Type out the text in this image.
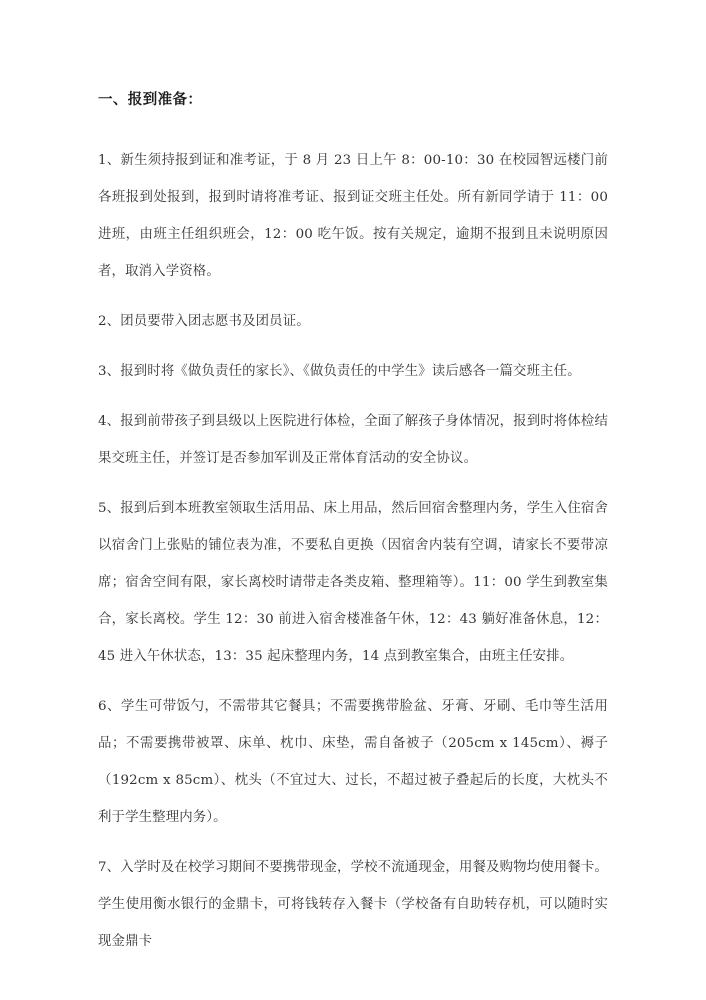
一、报到准备：

1、新生须持报到证和准考证，于 8 月 23 日上午 8：00-10：30 在校园智远楼门前各班报到处报到，报到时请将准考证、报到证交班主任处。所有新同学请于 11：00 进班，由班主任组织班会，12：00 吃午饭。按有关规定，逾期不报到且未说明原因者，取消入学资格。

2、团员要带入团志愿书及团员证。

3、报到时将《做负责任的家长》、《做负责任的中学生》读后感各一篇交班主任。

4、报到前带孩子到县级以上医院进行体检，全面了解孩子身体情况，报到时将体检结果交班主任，并签订是否参加军训及正常体育活动的安全协议。

5、报到后到本班教室领取生活用品、床上用品，然后回宿舍整理内务，学生入住宿舍以宿舍门上张贴的铺位表为准，不要私自更换（因宿舍内装有空调，请家长不要带凉席；宿舍空间有限，家长离校时请带走各类皮箱、整理箱等）。11：00 学生到教室集合，家长离校。学生 12：30 前进入宿舍楼准备午休，12：43 躺好准备休息，12：45 进入午休状态，13：35 起床整理内务，14 点到教室集合，由班主任安排。

6、学生可带饭勺，不需带其它餐具；不需要携带脸盆、牙膏、牙刷、毛巾等生活用品；不需要携带被罩、床单、枕巾、床垫，需自备被子（205cm x 145cm）、褥子（192cm x 85cm）、枕头（不宜过大、过长，不超过被子叠起后的长度，大枕头不利于学生整理内务）。

7、入学时及在校学习期间不要携带现金，学校不流通现金，用餐及购物均使用餐卡。学生使用衡水银行的金鼎卡，可将钱转存入餐卡（学校备有自助转存机，可以随时实现金鼎卡
